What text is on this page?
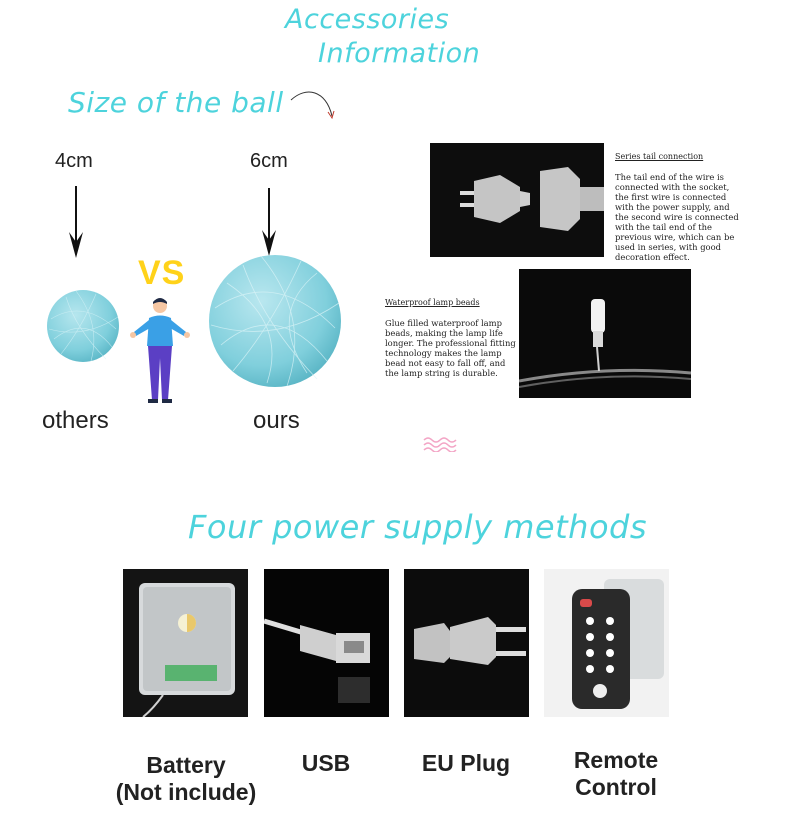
Accessories
Information
Size of the ball
4cm	6cm
VS
others	ours
Series tail connection
The tail end of the wire is connected with the socket, the first wire is connected with the power supply, and the second wire is connected with the tail end of the previous wire, which can be used in series, with good decoration effect.
Waterproof lamp beads
Glue filled waterproof lamp beads, making the lamp life longer. The professional fitting technology makes the lamp bead not easy to fall off, and the lamp string is durable.
Four power supply methods
Battery
(Not include)
USB	EU Plug	Remote
Control
